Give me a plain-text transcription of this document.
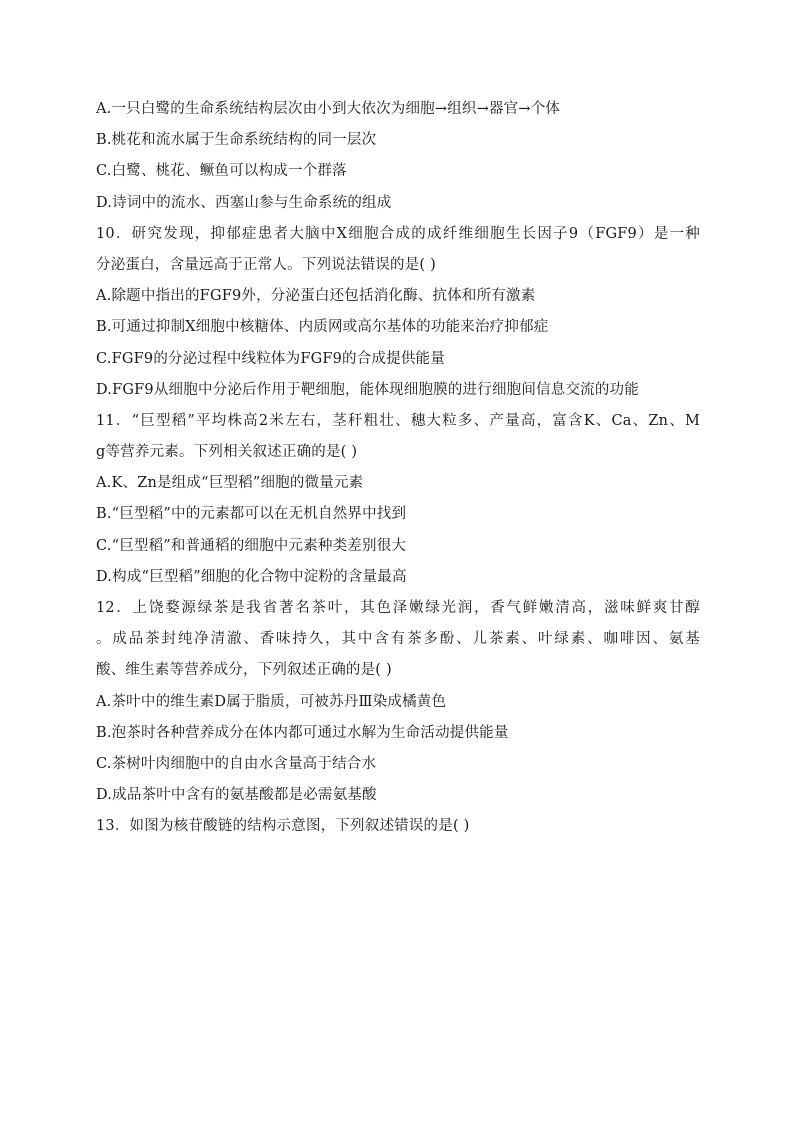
A.一只白鹭的生命系统结构层次由小到大依次为细胞→组织→器官→个体
B.桃花和流水属于生命系统结构的同一层次
C.白鹭、桃花、鳜鱼可以构成一个群落
D.诗词中的流水、西塞山参与生命系统的组成
10．研究发现，抑郁症患者大脑中X细胞合成的成纤维细胞生长因子9（FGF9）是一种
分泌蛋白，含量远高于正常人。下列说法错误的是( )
A.除题中指出的FGF9外，分泌蛋白还包括消化酶、抗体和所有激素
B.可通过抑制X细胞中核糖体、内质网或高尔基体的功能来治疗抑郁症
C.FGF9的分泌过程中线粒体为FGF9的合成提供能量
D.FGF9从细胞中分泌后作用于靶细胞，能体现细胞膜的进行细胞间信息交流的功能
11．“巨型稻”平均株高2米左右，茎秆粗壮、穗大粒多、产量高，富含K、Ca、Zn、M
g等营养元素。下列相关叙述正确的是( )
A.K、Zn是组成“巨型稻”细胞的微量元素
B.“巨型稻”中的元素都可以在无机自然界中找到
C.“巨型稻”和普通稻的细胞中元素种类差别很大
D.构成“巨型稻”细胞的化合物中淀粉的含量最高
12．上饶婺源绿茶是我省著名茶叶，其色泽嫩绿光润，香气鲜嫩清高，滋味鲜爽甘醇
。成品茶封纯净清澈、香味持久，其中含有茶多酚、儿茶素、叶绿素、咖啡因、氨基
酸、维生素等营养成分，下列叙述正确的是( )
A.茶叶中的维生素D属于脂质，可被苏丹Ⅲ染成橘黄色
B.泡茶时各种营养成分在体内都可通过水解为生命活动提供能量
C.茶树叶肉细胞中的自由水含量高于结合水
D.成品茶叶中含有的氨基酸都是必需氨基酸
13．如图为核苷酸链的结构示意图，下列叙述错误的是( )
